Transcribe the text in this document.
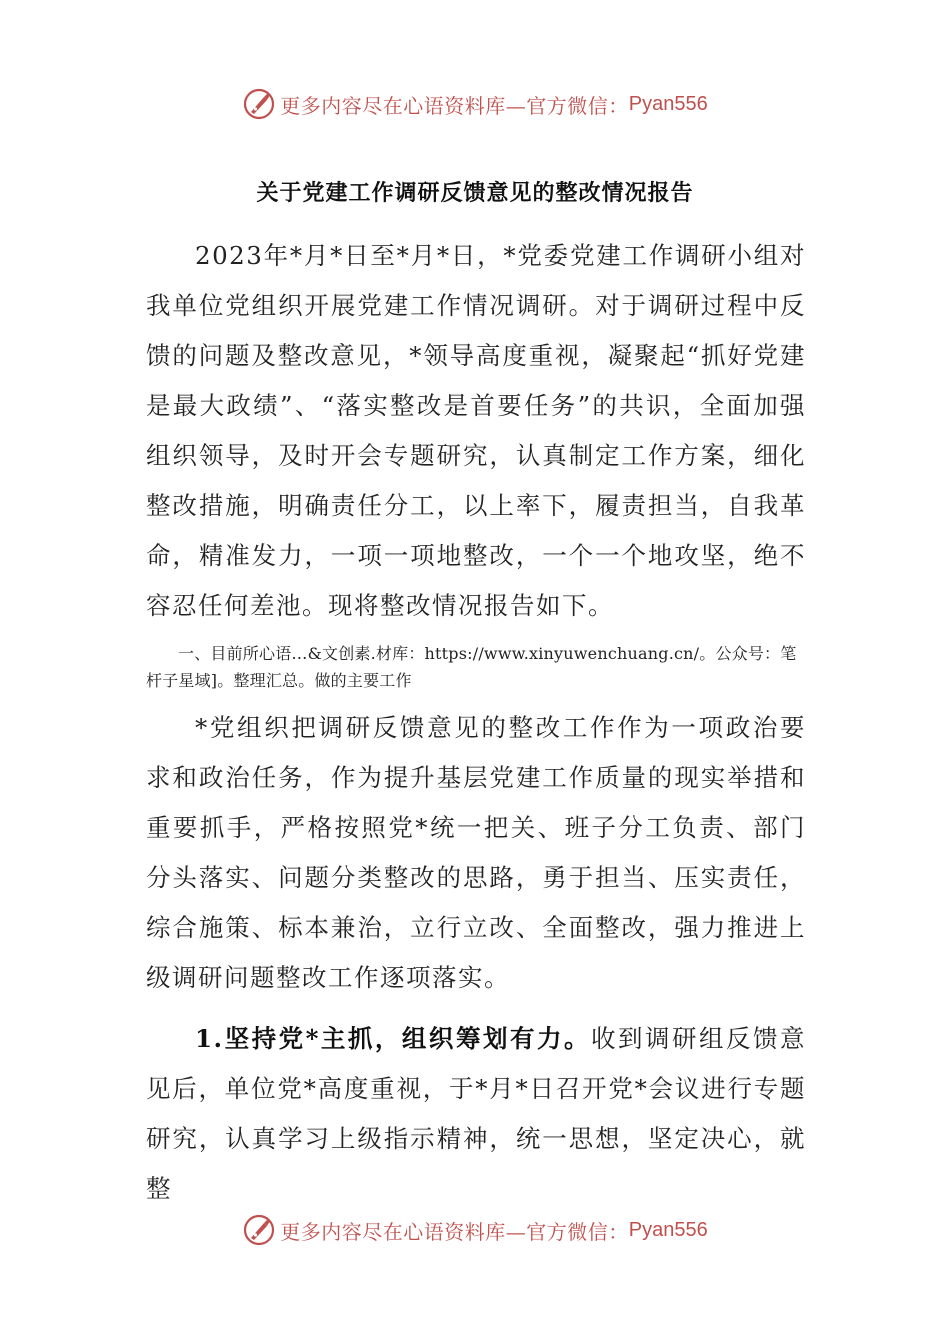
更多内容尽在心语资料库—官方微信： Pyan556
关于党建工作调研反馈意见的整改情况报告

2023年*月*日至*月*日，*党委党建工作调研小组对我单位党组织开展党建工作情况调研。对于调研过程中反馈的问题及整改意见，*领导高度重视，凝聚起“抓好党建是最大政绩”、“落实整改是首要任务”的共识，全面加强组织领导，及时开会专题研究，认真制定工作方案，细化整改措施，明确责任分工，以上率下，履责担当，自我革命，精准发力，一项一项地整改，一个一个地攻坚，绝不容忍任何差池。现将整改情况报告如下。

一、目前所心语…&文创素.材库：https://www.xinyuwenchuang.cn/。公众号：笔杆子星域]。整理汇总。做的主要工作

*党组织把调研反馈意见的整改工作作为一项政治要求和政治任务，作为提升基层党建工作质量的现实举措和重要抓手，严格按照党*统一把关、班子分工负责、部门分头落实、问题分类整改的思路，勇于担当、压实责任，综合施策、标本兼治，立行立改、全面整改，强力推进上级调研问题整改工作逐项落实。

1.坚持党*主抓，组织筹划有力。收到调研组反馈意见后，单位党*高度重视，于*月*日召开党*会议进行专题研究，认真学习上级指示精神，统一思想，坚定决心，就整

更多内容尽在心语资料库—官方微信： Pyan556
